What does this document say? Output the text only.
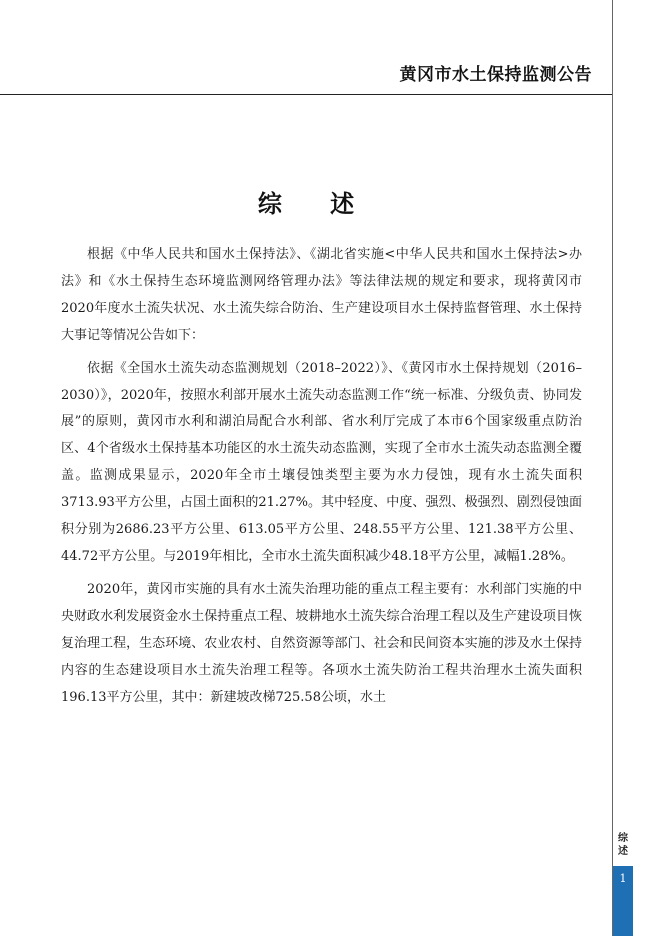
黄冈市水土保持监测公告
综 述

根据《中华人民共和国水土保持法》、《湖北省实施<中华人民共和国水土保持法>办法》和《水土保持生态环境监测网络管理办法》等法律法规的规定和要求，现将黄冈市2020年度水土流失状况、水土流失综合防治、生产建设项目水土保持监督管理、水土保持大事记等情况公告如下：

依据《全国水土流失动态监测规划（2018–2022）》、《黄冈市水土保持规划（2016–2030）》，2020年，按照水利部开展水土流失动态监测工作“统一标准、分级负责、协同发展”的原则，黄冈市水利和湖泊局配合水利部、省水利厅完成了本市6个国家级重点防治区、4个省级水土保持基本功能区的水土流失动态监测，实现了全市水土流失动态监测全覆盖。监测成果显示，2020年全市土壤侵蚀类型主要为水力侵蚀，现有水土流失面积3713.93平方公里，占国土面积的21.27%。其中轻度、中度、强烈、极强烈、剧烈侵蚀面积分别为2686.23平方公里、613.05平方公里、248.55平方公里、121.38平方公里、44.72平方公里。与2019年相比，全市水土流失面积减少48.18平方公里，减幅1.28%。

2020年，黄冈市实施的具有水土流失治理功能的重点工程主要有：水利部门实施的中央财政水利发展资金水土保持重点工程、坡耕地水土流失综合治理工程以及生产建设项目恢复治理工程，生态环境、农业农村、自然资源等部门、社会和民间资本实施的涉及水土保持内容的生态建设项目水土流失治理工程等。各项水土流失防治工程共治理水土流失面积196.13平方公里，其中：新建坡改梯725.58公顷，水土

综
述
1
